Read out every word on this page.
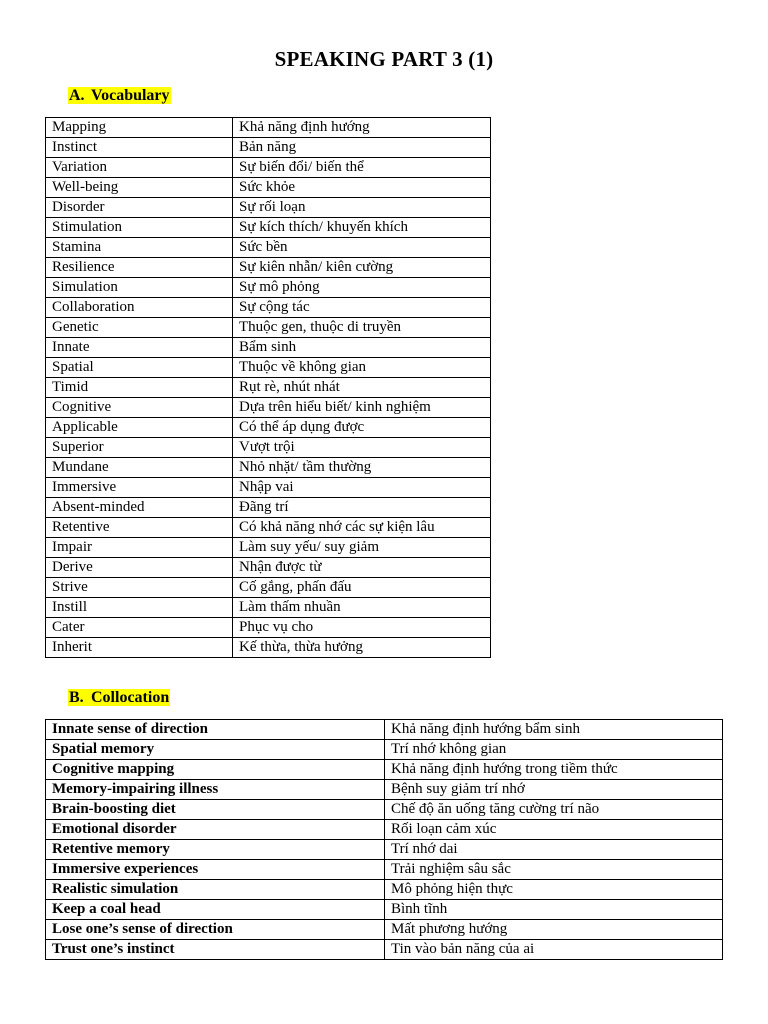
SPEAKING PART 3 (1)
A. Vocabulary
Mapping	Khả năng định hướng
Instinct	Bản năng
Variation	Sự biến đổi/ biến thể
Well-being	Sức khỏe
Disorder	Sự rối loạn
Stimulation	Sự kích thích/ khuyến khích
Stamina	Sức bền
Resilience	Sự kiên nhẫn/ kiên cường
Simulation	Sự mô phỏng
Collaboration	Sự cộng tác
Genetic	Thuộc gen, thuộc di truyền
Innate	Bẩm sinh
Spatial	Thuộc về không gian
Timid	Rụt rè, nhút nhát
Cognitive	Dựa trên hiểu biết/ kinh nghiệm
Applicable	Có thể áp dụng được
Superior	Vượt trội
Mundane	Nhỏ nhặt/ tầm thường
Immersive	Nhập vai
Absent-minded	Đãng trí
Retentive	Có khả năng nhớ các sự kiện lâu
Impair	Làm suy yếu/ suy giảm
Derive	Nhận được từ
Strive	Cố gắng, phấn đấu
Instill	Làm thấm nhuần
Cater	Phục vụ cho
Inherit	Kế thừa, thừa hưởng
B. Collocation
Innate sense of direction	Khả năng định hướng bẩm sinh
Spatial memory	Trí nhớ không gian
Cognitive mapping	Khả năng định hướng trong tiềm thức
Memory-impairing illness	Bệnh suy giảm trí nhớ
Brain-boosting diet	Chế độ ăn uống tăng cường trí não
Emotional disorder	Rối loạn cảm xúc
Retentive memory	Trí nhớ dai
Immersive experiences	Trải nghiệm sâu sắc
Realistic simulation	Mô phỏng hiện thực
Keep a coal head	Bình tĩnh
Lose one’s sense of direction	Mất phương hướng
Trust one’s instinct	Tin vào bản năng của ai
